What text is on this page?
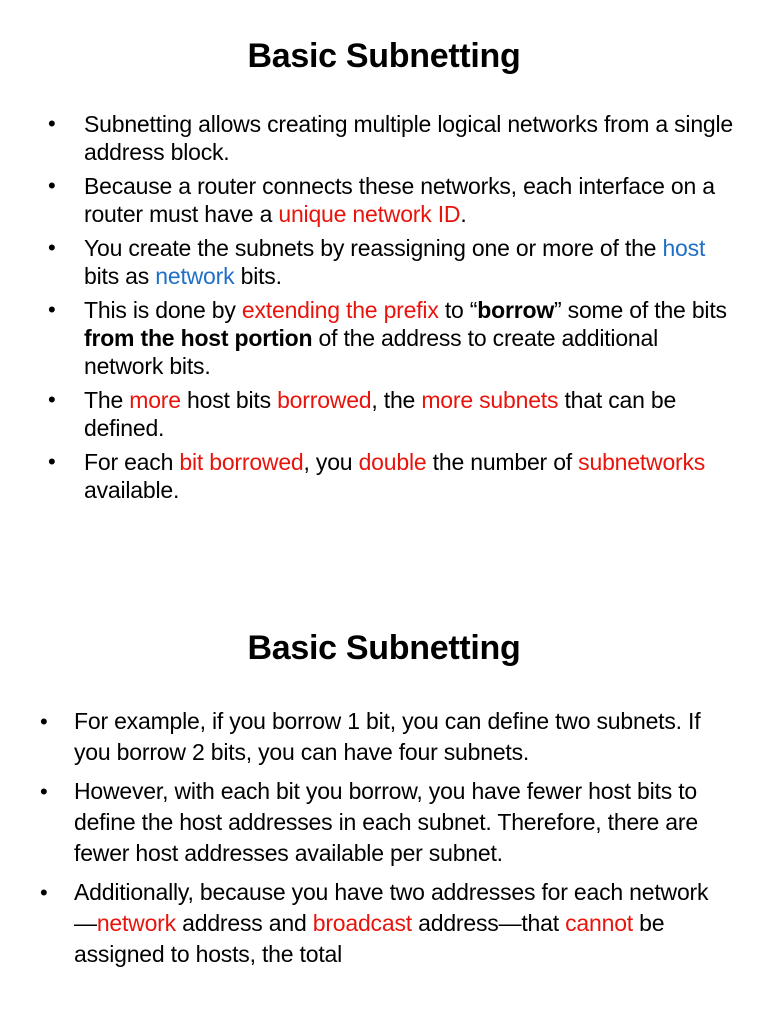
Basic Subnetting
• Subnetting allows creating multiple logical networks from a single address block.
• Because a router connects these networks, each interface on a router must have a unique network ID.
• You create the subnets by reassigning one or more of the host bits as network bits.
• This is done by extending the prefix to “borrow” some of the bits from the host portion of the address to create additional network bits.
• The more host bits borrowed, the more subnets that can be defined.
• For each bit borrowed, you double the number of subnetworks available.
Basic Subnetting
• For example, if you borrow 1 bit, you can define two subnets. If you borrow 2 bits, you can have four subnets.
• However, with each bit you borrow, you have fewer host bits to define the host addresses in each subnet. Therefore, there are fewer host addresses available per subnet.
• Additionally, because you have two addresses for each network—network address and broadcast address—that cannot be assigned to hosts, the total
